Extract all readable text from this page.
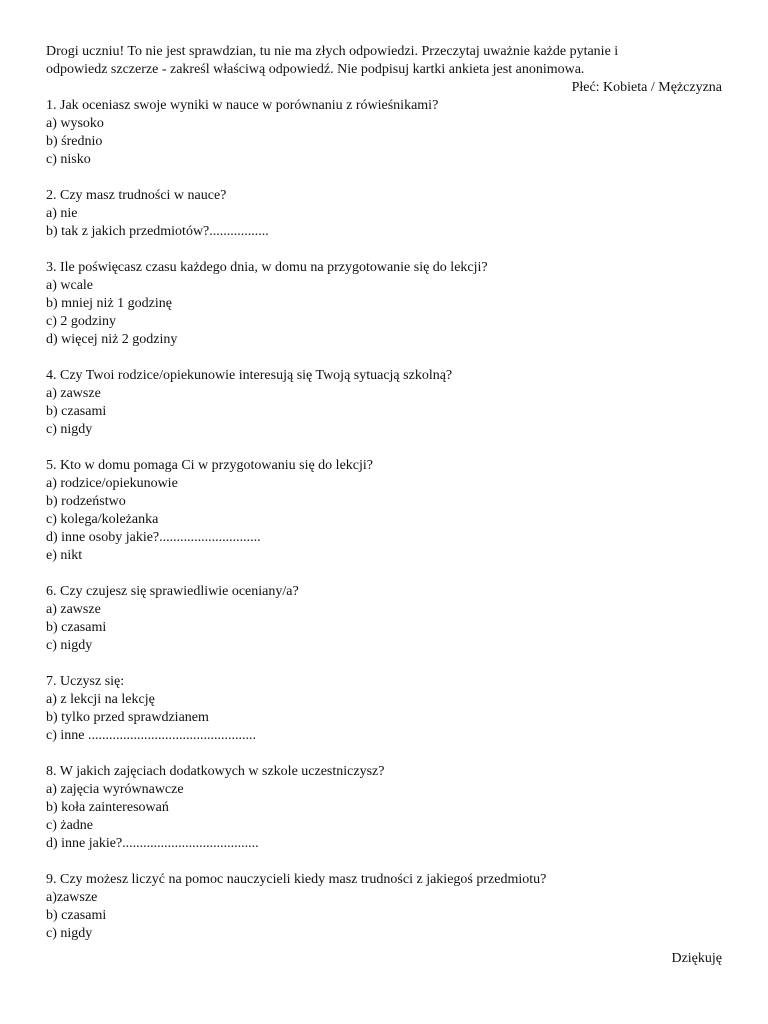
Drogi uczniu! To nie jest sprawdzian, tu nie ma złych odpowiedzi. Przeczytaj uważnie każde pytanie i
odpowiedz szczerze - zakreśl właściwą odpowiedź. Nie podpisuj kartki ankieta jest anonimowa.
Płeć: Kobieta / Mężczyzna
1. Jak oceniasz swoje wyniki w nauce w porównaniu z rówieśnikami?
a) wysoko
b) średnio
c) nisko
2. Czy masz trudności w nauce?
a) nie
b) tak z jakich przedmiotów?.................
3. Ile poświęcasz czasu każdego dnia, w domu na przygotowanie się do lekcji?
a) wcale
b) mniej niż 1 godzinę
c) 2 godziny
d) więcej niż 2 godziny
4. Czy Twoi rodzice/opiekunowie interesują się Twoją sytuacją szkolną?
a) zawsze
b) czasami
c) nigdy
5. Kto w domu pomaga Ci w przygotowaniu się do lekcji?
a) rodzice/opiekunowie
b) rodzeństwo
c) kolega/koleżanka
d) inne osoby jakie?.............................
e) nikt
6. Czy czujesz się sprawiedliwie oceniany/a?
a) zawsze
b) czasami
c) nigdy
7. Uczysz się:
a) z lekcji na lekcję
b) tylko przed sprawdzianem
c) inne ................................................
8. W jakich zajęciach dodatkowych w szkole uczestniczysz?
a) zajęcia wyrównawcze
b) koła zainteresowań
c) żadne
d) inne jakie?.......................................
9. Czy możesz liczyć na pomoc nauczycieli kiedy masz trudności z jakiegoś przedmiotu?
a)zawsze
b) czasami
c) nigdy
Dziękuję
